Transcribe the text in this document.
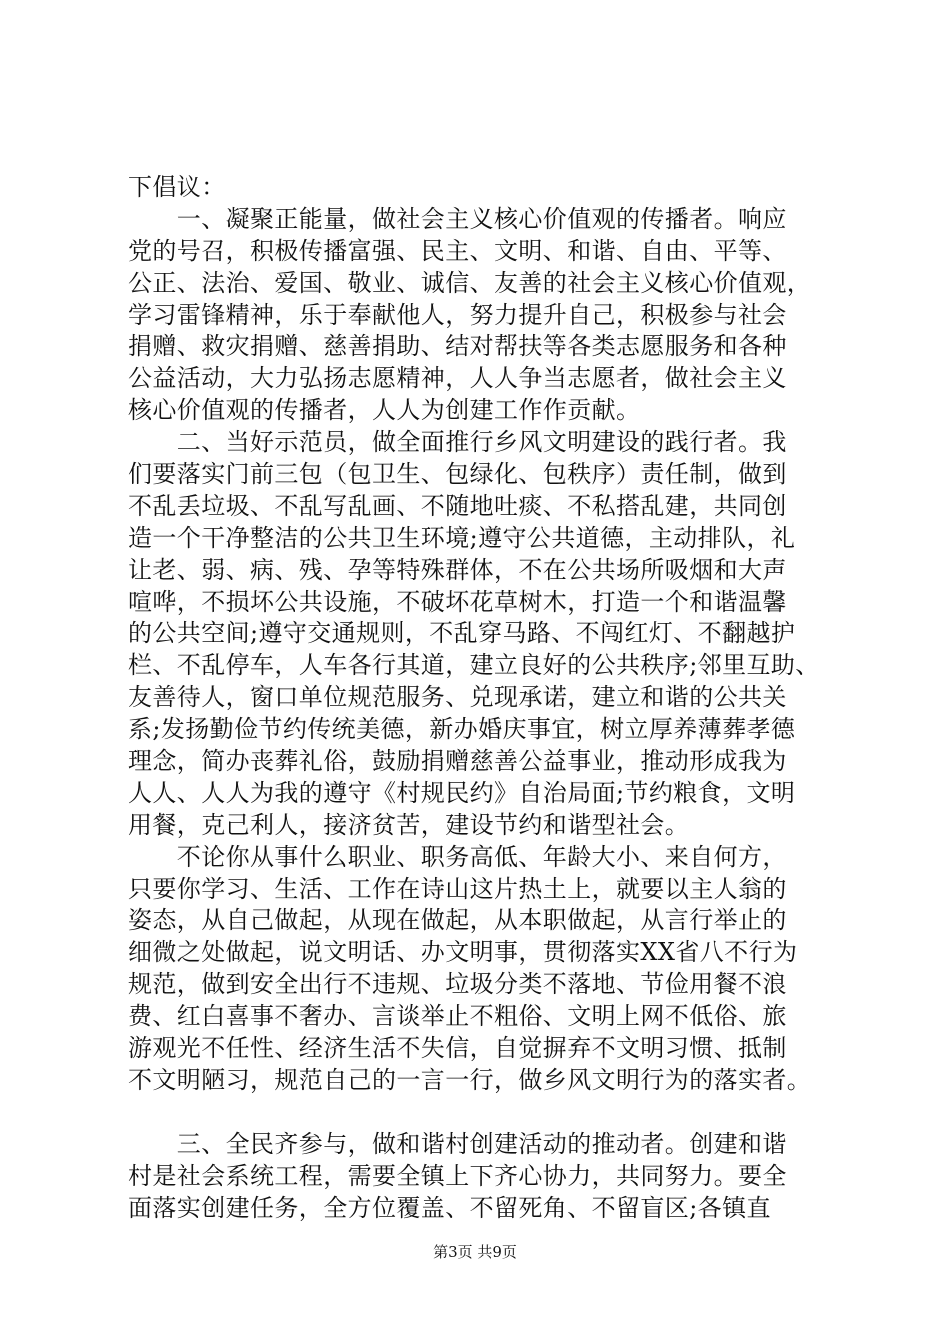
下倡议：
　　一、凝聚正能量，做社会主义核心价值观的传播者。响应
党的号召，积极传播富强、民主、文明、和谐、自由、平等、
公正、法治、爱国、敬业、诚信、友善的社会主义核心价值观，
学习雷锋精神，乐于奉献他人，努力提升自己，积极参与社会
捐赠、救灾捐赠、慈善捐助、结对帮扶等各类志愿服务和各种
公益活动，大力弘扬志愿精神，人人争当志愿者，做社会主义
核心价值观的传播者，人人为创建工作作贡献。
　　二、当好示范员，做全面推行乡风文明建设的践行者。我
们要落实门前三包（包卫生、包绿化、包秩序）责任制，做到
不乱丢垃圾、不乱写乱画、不随地吐痰、不私搭乱建，共同创
造一个干净整洁的公共卫生环境;遵守公共道德，主动排队，礼
让老、弱、病、残、孕等特殊群体，不在公共场所吸烟和大声
喧哗，不损坏公共设施，不破坏花草树木，打造一个和谐温馨
的公共空间;遵守交通规则，不乱穿马路、不闯红灯、不翻越护
栏、不乱停车，人车各行其道，建立良好的公共秩序;邻里互助、
友善待人，窗口单位规范服务、兑现承诺，建立和谐的公共关
系;发扬勤俭节约传统美德，新办婚庆事宜，树立厚养薄葬孝德
理念，简办丧葬礼俗，鼓励捐赠慈善公益事业，推动形成我为
人人、人人为我的遵守《村规民约》自治局面;节约粮食，文明
用餐，克己利人，接济贫苦，建设节约和谐型社会。
　　不论你从事什么职业、职务高低、年龄大小、来自何方，
只要你学习、生活、工作在诗山这片热土上，就要以主人翁的
姿态，从自己做起，从现在做起，从本职做起，从言行举止的
细微之处做起，说文明话、办文明事，贯彻落实XX省八不行为
规范，做到安全出行不违规、垃圾分类不落地、节俭用餐不浪
费、红白喜事不奢办、言谈举止不粗俗、文明上网不低俗、旅
游观光不任性、经济生活不失信，自觉摒弃不文明习惯、抵制
不文明陋习，规范自己的一言一行，做乡风文明行为的落实者。
　　三、全民齐参与，做和谐村创建活动的推动者。创建和谐
村是社会系统工程，需要全镇上下齐心协力，共同努力。要全
面落实创建任务，全方位覆盖、不留死角、不留盲区;各镇直
第3页 共9页
